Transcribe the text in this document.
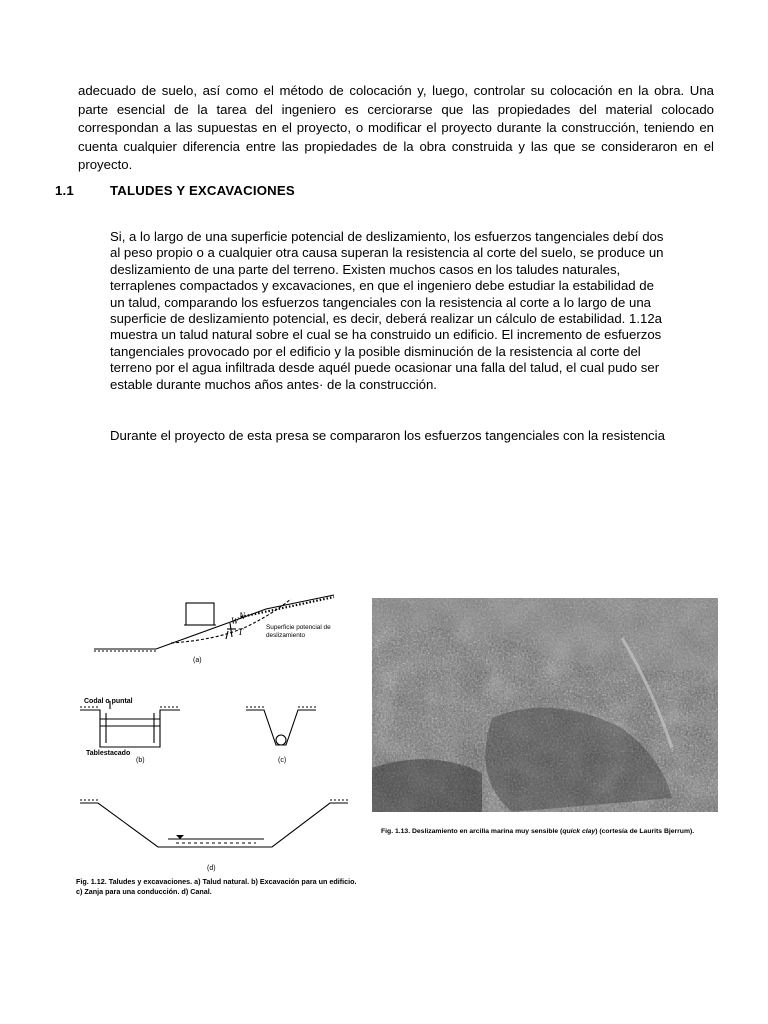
adecuado de suelo, así como el método de colocación y, luego, controlar su colocación en la obra. Una parte esencial de la tarea del ingeniero es cerciorarse que las propiedades del material colocado correspondan a las supuestas en el proyecto, o modificar el proyecto durante la construcción, teniendo en cuenta cualquier diferencia entre las propiedades de la obra construida y las que se consideraron en el proyecto.

1.1	TALUDES Y EXCAVACIONES

Si, a lo largo de una superficie potencial de deslizamiento, los esfuerzos tangenciales debí dos al peso propio o a cualquier otra causa superan la resistencia al corte del suelo, se produce un deslizamiento de una parte del terreno. Existen muchos casos en los taludes naturales, terraplenes compactados y excavaciones, en que el ingeniero debe estudiar la estabilidad de un talud, comparando los esfuerzos tangenciales con la resistencia al corte a lo largo de una superficie de deslizamiento potencial, es decir, deberá realizar un cálculo de estabilidad. 1.12a muestra un talud natural sobre el cual se ha construido un edificio. El incremento de esfuerzos tangenciales provocado por el edificio y la posible disminución de la resistencia al corte del terreno por el agua infiltrada desde aquél puede ocasionar una falla del talud, el cual pudo ser estable durante muchos años antes· de la construcción.

Durante el proyecto de esta presa se compararon los esfuerzos tangenciales con la resistencia

W N
T	Superficie potencial de deslizamiento
(a)
Codal o puntal
Tablestacado
(b)	(c)
(d)

Fig. 1.12. Taludes y excavaciones. a) Talud natural. b) Excavación para un edificio. c) Zanja para una conducción. d) Canal.

Fig. 1.13. Deslizamiento en arcilla marina muy sensible (quick clay) (cortesía de Laurits Bjerrum).
